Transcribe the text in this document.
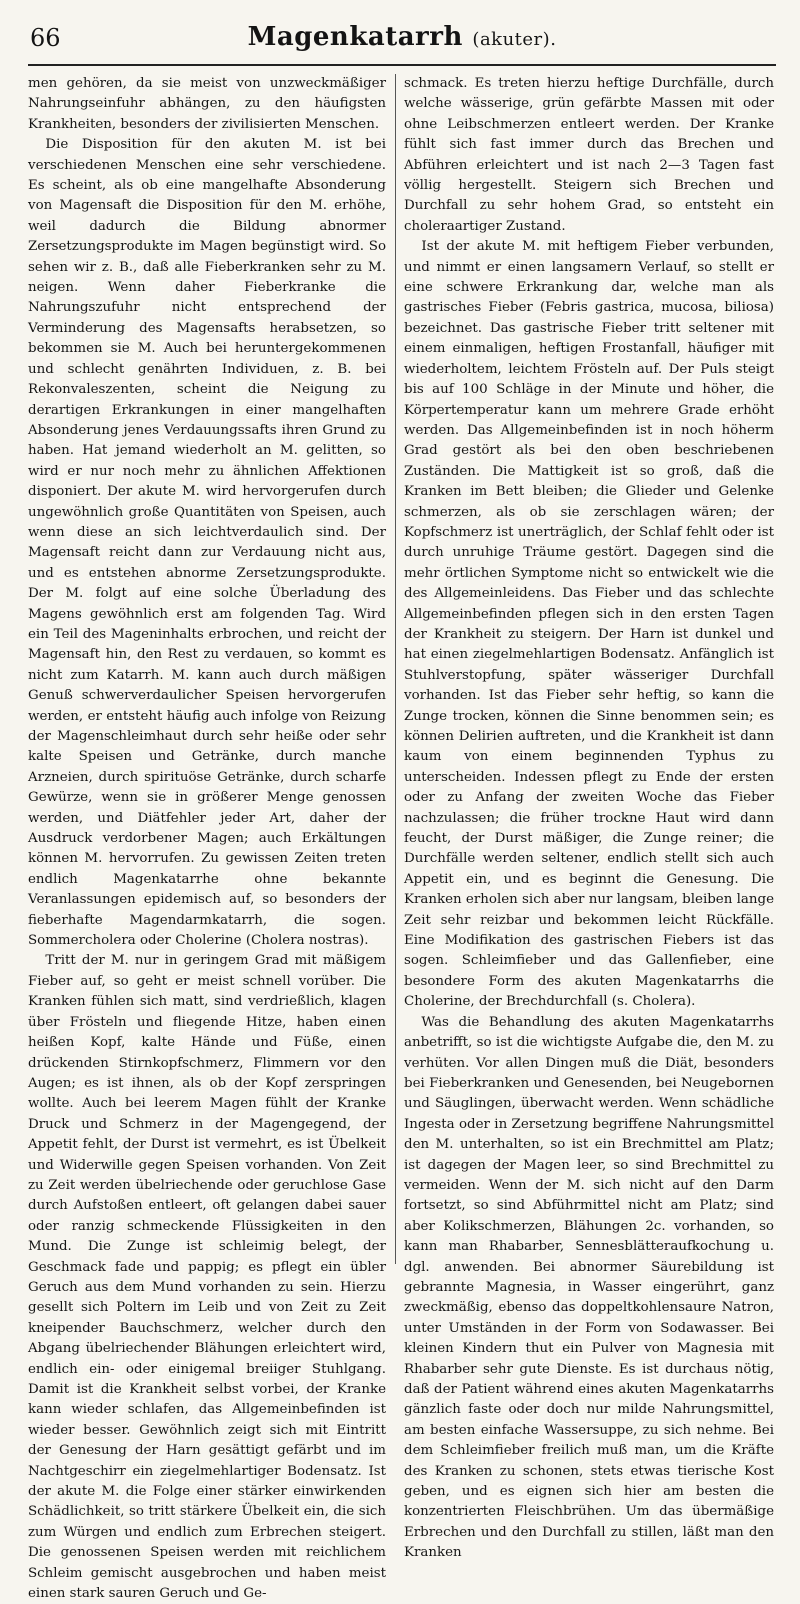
66	Magenkatarrh (akuter).

men gehören, da sie meist von unzweckmäßiger Nahrungseinfuhr abhängen, zu den häufigsten Krankheiten, besonders der zivilisierten Menschen.

Die Disposition für den akuten M. ist bei verschiedenen Menschen eine sehr verschiedene. Es scheint, als ob eine mangelhafte Absonderung von Magensaft die Disposition für den M. erhöhe, weil dadurch die Bildung abnormer Zersetzungsprodukte im Magen begünstigt wird. So sehen wir z. B., daß alle Fieberkranken sehr zu M. neigen. Wenn daher Fieberkranke die Nahrungszufuhr nicht entsprechend der Verminderung des Magensafts herabsetzen, so bekommen sie M. Auch bei heruntergekommenen und schlecht genährten Individuen, z. B. bei Rekonvaleszenten, scheint die Neigung zu derartigen Erkrankungen in einer mangelhaften Absonderung jenes Verdauungssafts ihren Grund zu haben. Hat jemand wiederholt an M. gelitten, so wird er nur noch mehr zu ähnlichen Affektionen disponiert. Der akute M. wird hervorgerufen durch ungewöhnlich große Quantitäten von Speisen, auch wenn diese an sich leichtverdaulich sind. Der Magensaft reicht dann zur Verdauung nicht aus, und es entstehen abnorme Zersetzungsprodukte. Der M. folgt auf eine solche Überladung des Magens gewöhnlich erst am folgenden Tag. Wird ein Teil des Mageninhalts erbrochen, und reicht der Magensaft hin, den Rest zu verdauen, so kommt es nicht zum Katarrh. M. kann auch durch mäßigen Genuß schwerverdaulicher Speisen hervorgerufen werden, er entsteht häufig auch infolge von Reizung der Magenschleimhaut durch sehr heiße oder sehr kalte Speisen und Getränke, durch manche Arzneien, durch spirituöse Getränke, durch scharfe Gewürze, wenn sie in größerer Menge genossen werden, und Diätfehler jeder Art, daher der Ausdruck verdorbener Magen; auch Erkältungen können M. hervorrufen. Zu gewissen Zeiten treten endlich Magenkatarrhe ohne bekannte Veranlassungen epidemisch auf, so besonders der fieberhafte Magendarmkatarrh, die sogen. Sommercholera oder Cholerine (Cholera nostras).

Tritt der M. nur in geringem Grad mit mäßigem Fieber auf, so geht er meist schnell vorüber. Die Kranken fühlen sich matt, sind verdrießlich, klagen über Frösteln und fliegende Hitze, haben einen heißen Kopf, kalte Hände und Füße, einen drückenden Stirnkopfschmerz, Flimmern vor den Augen; es ist ihnen, als ob der Kopf zerspringen wollte. Auch bei leerem Magen fühlt der Kranke Druck und Schmerz in der Magengegend, der Appetit fehlt, der Durst ist vermehrt, es ist Übelkeit und Widerwille gegen Speisen vorhanden. Von Zeit zu Zeit werden übelriechende oder geruchlose Gase durch Aufstoßen entleert, oft gelangen dabei sauer oder ranzig schmeckende Flüssigkeiten in den Mund. Die Zunge ist schleimig belegt, der Geschmack fade und pappig; es pflegt ein übler Geruch aus dem Mund vorhanden zu sein. Hierzu gesellt sich Poltern im Leib und von Zeit zu Zeit kneipender Bauchschmerz, welcher durch den Abgang übelriechender Blähungen erleichtert wird, endlich ein- oder einigemal breiiger Stuhlgang. Damit ist die Krankheit selbst vorbei, der Kranke kann wieder schlafen, das Allgemeinbefinden ist wieder besser. Gewöhnlich zeigt sich mit Eintritt der Genesung der Harn gesättigt gefärbt und im Nachtgeschirr ein ziegelmehlartiger Bodensatz. Ist der akute M. die Folge einer stärker einwirkenden Schädlichkeit, so tritt stärkere Übelkeit ein, die sich zum Würgen und endlich zum Erbrechen steigert. Die genossenen Speisen werden mit reichlichem Schleim gemischt ausgebrochen und haben meist einen stark sauren Geruch und Ge-

schmack. Es treten hierzu heftige Durchfälle, durch welche wässerige, grün gefärbte Massen mit oder ohne Leibschmerzen entleert werden. Der Kranke fühlt sich fast immer durch das Brechen und Abführen erleichtert und ist nach 2—3 Tagen fast völlig hergestellt. Steigern sich Brechen und Durchfall zu sehr hohem Grad, so entsteht ein choleraartiger Zustand.

Ist der akute M. mit heftigem Fieber verbunden, und nimmt er einen langsamern Verlauf, so stellt er eine schwere Erkrankung dar, welche man als gastrisches Fieber (Febris gastrica, mucosa, biliosa) bezeichnet. Das gastrische Fieber tritt seltener mit einem einmaligen, heftigen Frostanfall, häufiger mit wiederholtem, leichtem Frösteln auf. Der Puls steigt bis auf 100 Schläge in der Minute und höher, die Körpertemperatur kann um mehrere Grade erhöht werden. Das Allgemeinbefinden ist in noch höherm Grad gestört als bei den oben beschriebenen Zuständen. Die Mattigkeit ist so groß, daß die Kranken im Bett bleiben; die Glieder und Gelenke schmerzen, als ob sie zerschlagen wären; der Kopfschmerz ist unerträglich, der Schlaf fehlt oder ist durch unruhige Träume gestört. Dagegen sind die mehr örtlichen Symptome nicht so entwickelt wie die des Allgemeinleidens. Das Fieber und das schlechte Allgemeinbefinden pflegen sich in den ersten Tagen der Krankheit zu steigern. Der Harn ist dunkel und hat einen ziegelmehlartigen Bodensatz. Anfänglich ist Stuhlverstopfung, später wässeriger Durchfall vorhanden. Ist das Fieber sehr heftig, so kann die Zunge trocken, können die Sinne benommen sein; es können Delirien auftreten, und die Krankheit ist dann kaum von einem beginnenden Typhus zu unterscheiden. Indessen pflegt zu Ende der ersten oder zu Anfang der zweiten Woche das Fieber nachzulassen; die früher trockne Haut wird dann feucht, der Durst mäßiger, die Zunge reiner; die Durchfälle werden seltener, endlich stellt sich auch Appetit ein, und es beginnt die Genesung. Die Kranken erholen sich aber nur langsam, bleiben lange Zeit sehr reizbar und bekommen leicht Rückfälle. Eine Modifikation des gastrischen Fiebers ist das sogen. Schleimfieber und das Gallenfieber, eine besondere Form des akuten Magenkatarrhs die Cholerine, der Brechdurchfall (s. Cholera).

Was die Behandlung des akuten Magenkatarrhs anbetrifft, so ist die wichtigste Aufgabe die, den M. zu verhüten. Vor allen Dingen muß die Diät, besonders bei Fieberkranken und Genesenden, bei Neugebornen und Säuglingen, überwacht werden. Wenn schädliche Ingesta oder in Zersetzung begriffene Nahrungsmittel den M. unterhalten, so ist ein Brechmittel am Platz; ist dagegen der Magen leer, so sind Brechmittel zu vermeiden. Wenn der M. sich nicht auf den Darm fortsetzt, so sind Abführmittel nicht am Platz; sind aber Kolikschmerzen, Blähungen 2c. vorhanden, so kann man Rhabarber, Sennesblätteraufkochung u. dgl. anwenden. Bei abnormer Säurebildung ist gebrannte Magnesia, in Wasser eingerührt, ganz zweckmäßig, ebenso das doppeltkohlensaure Natron, unter Umständen in der Form von Sodawasser. Bei kleinen Kindern thut ein Pulver von Magnesia mit Rhabarber sehr gute Dienste. Es ist durchaus nötig, daß der Patient während eines akuten Magenkatarrhs gänzlich faste oder doch nur milde Nahrungsmittel, am besten einfache Wassersuppe, zu sich nehme. Bei dem Schleimfieber freilich muß man, um die Kräfte des Kranken zu schonen, stets etwas tierische Kost geben, und es eignen sich hier am besten die konzentrierten Fleischbrühen. Um das übermäßige Erbrechen und den Durchfall zu stillen, läßt man den Kranken
